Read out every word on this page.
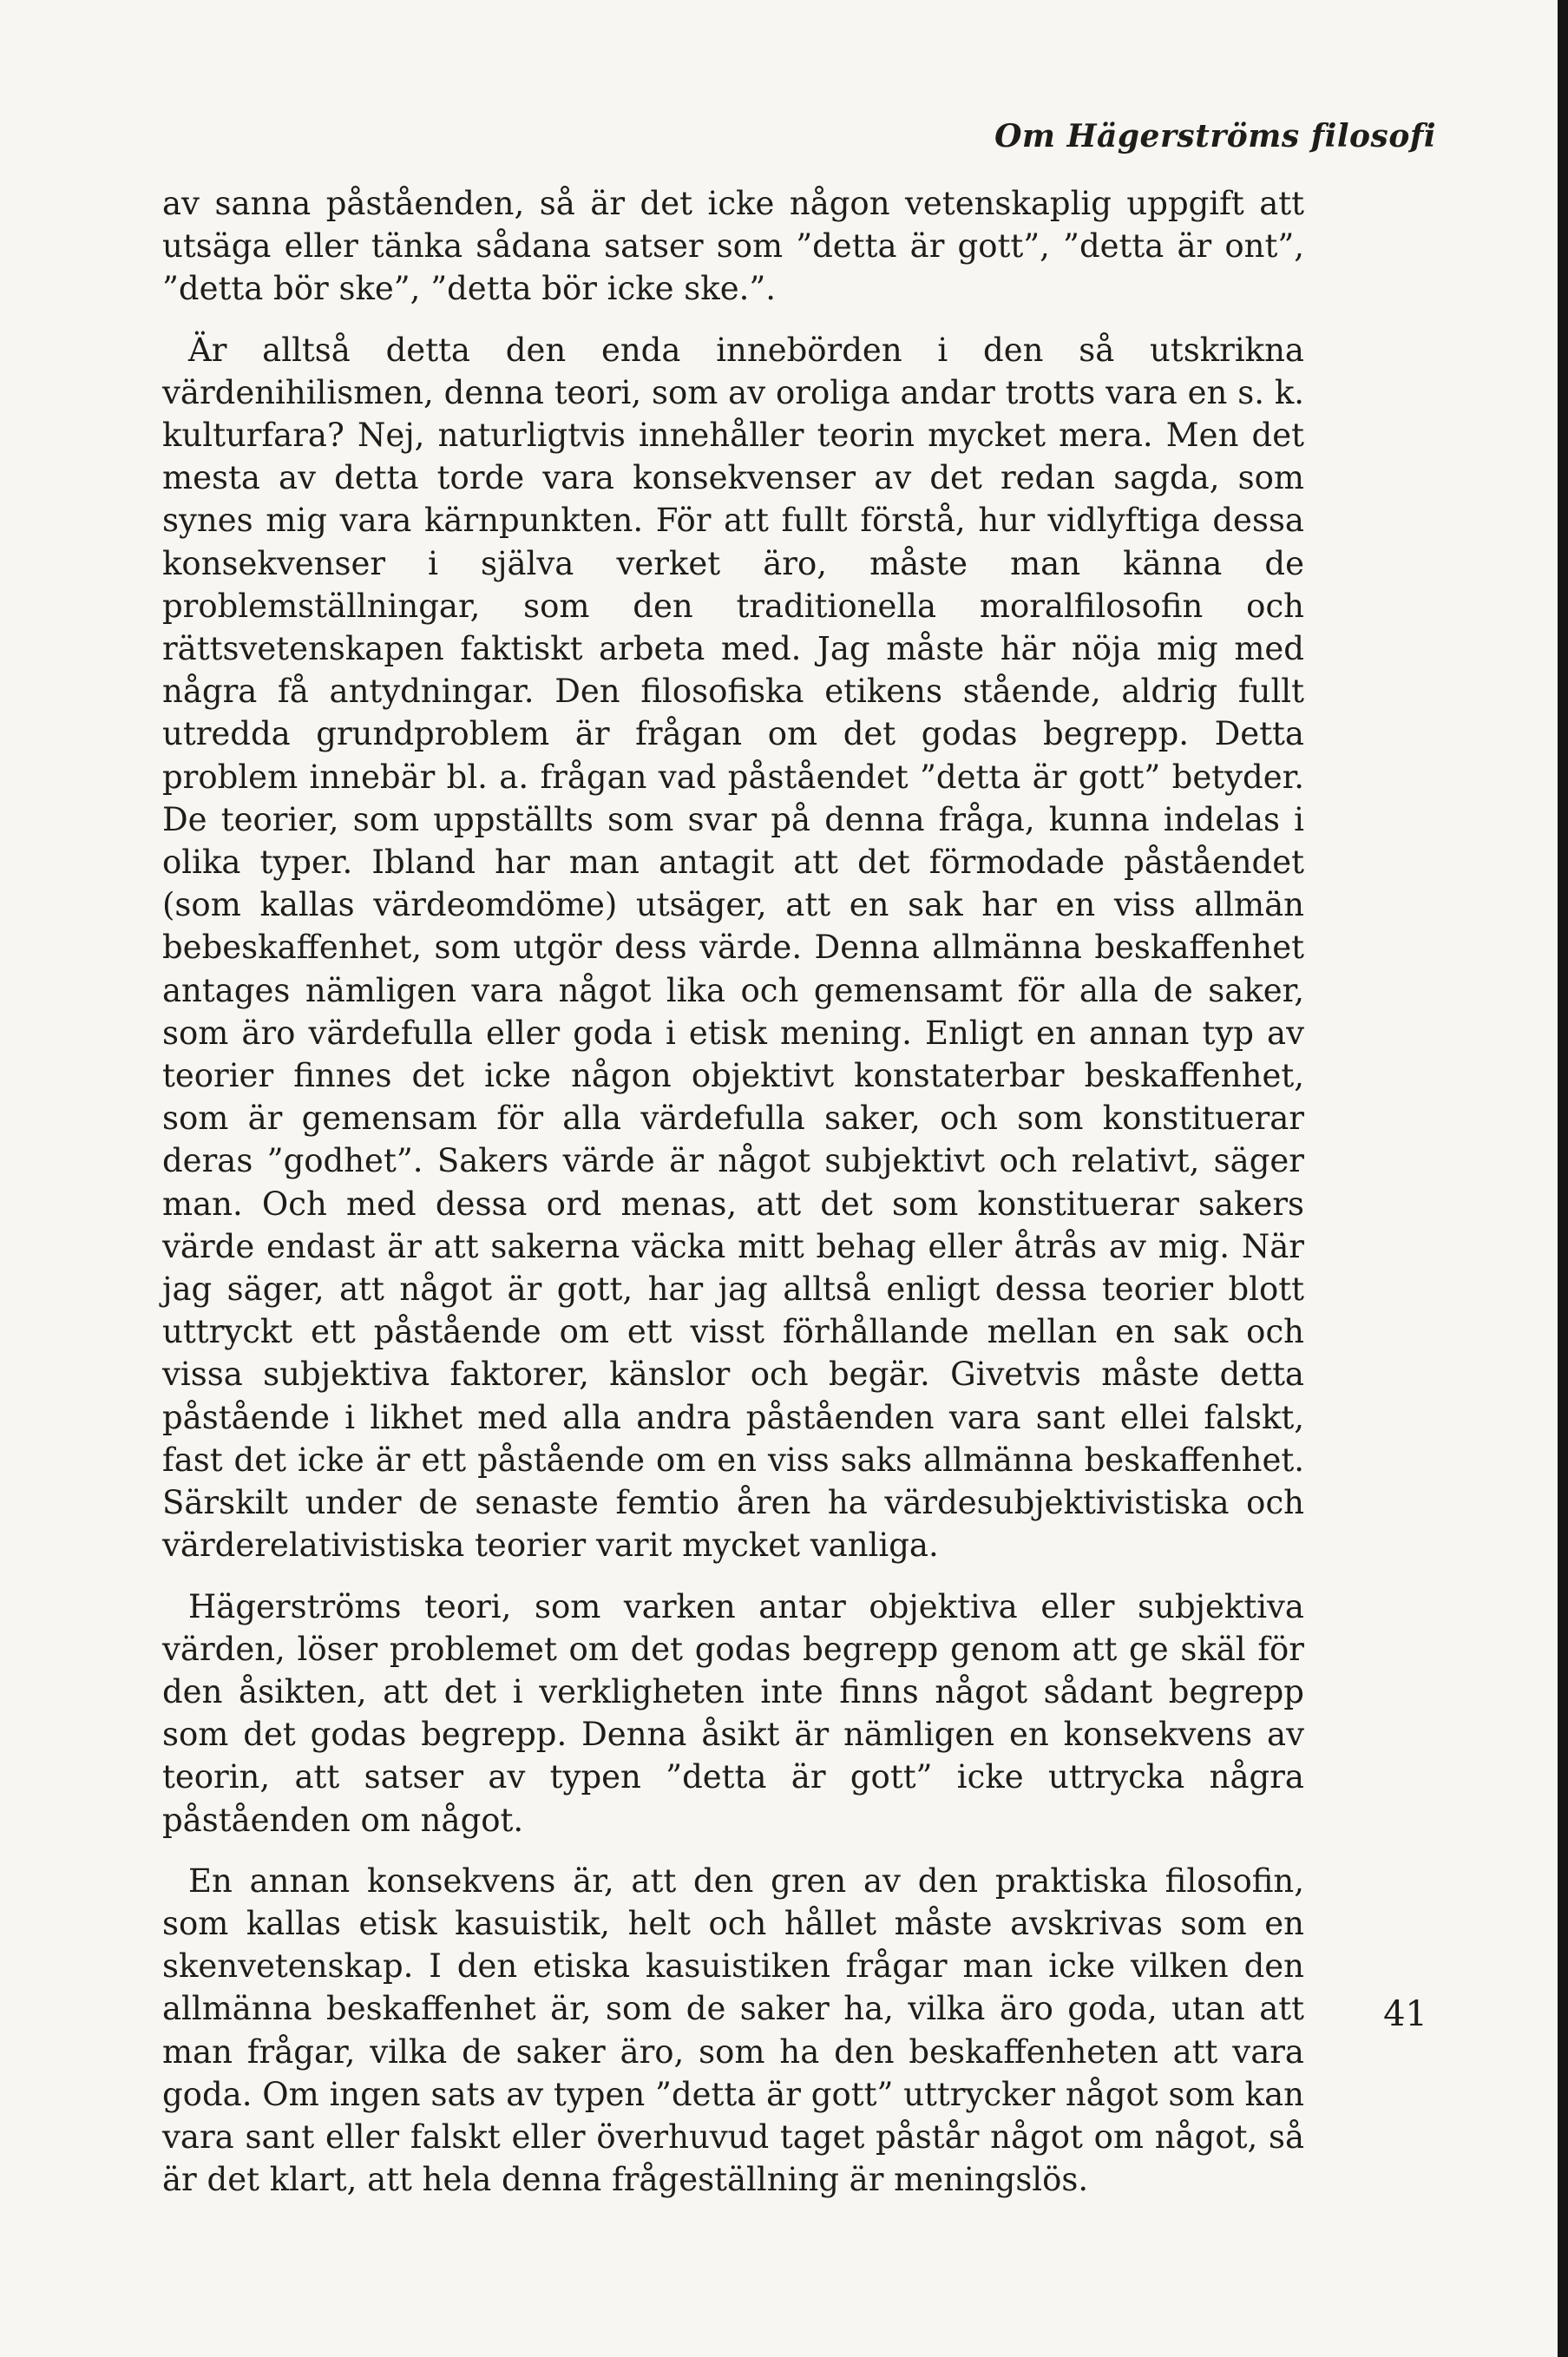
Om Hägerströms filosofi

av sanna påståenden, så är det icke någon vetenskaplig uppgift att utsäga eller tänka sådana satser som ”detta är gott”, ”detta är ont”, ”detta bör ske”, ”detta bör icke ske.”.

Är alltså detta den enda innebörden i den så utskrikna värdenihilismen, denna teori, som av oroliga andar trotts vara en s. k. kulturfara? Nej, naturligtvis innehåller teorin mycket mera. Men det mesta av detta torde vara konsekvenser av det redan sagda, som synes mig vara kärnpunkten. För att fullt förstå, hur vidlyftiga dessa konsekvenser i själva verket äro, måste man känna de problemställningar, som den traditionella moralfilosofin och rättsvetenskapen faktiskt arbeta med. Jag måste här nöja mig med några få antydningar. Den filosofiska etikens stående, aldrig fullt utredda grundproblem är frågan om det godas begrepp. Detta problem innebär bl. a. frågan vad påståendet ”detta är gott” betyder. De teorier, som uppställts som svar på denna fråga, kunna indelas i olika typer. Ibland har man antagit att det förmodade påståendet (som kallas värdeomdöme) utsäger, att en sak har en viss allmän bebeskaffenhet, som utgör dess värde. Denna allmänna beskaffenhet antages nämligen vara något lika och gemensamt för alla de saker, som äro värdefulla eller goda i etisk mening. Enligt en annan typ av teorier finnes det icke någon objektivt konstaterbar beskaffenhet, som är gemensam för alla värdefulla saker, och som konstituerar deras ”godhet”. Sakers värde är något subjektivt och relativt, säger man. Och med dessa ord menas, att det som konstituerar sakers värde endast är att sakerna väcka mitt behag eller åtrås av mig. När jag säger, att något är gott, har jag alltså enligt dessa teorier blott uttryckt ett påstående om ett visst förhållande mellan en sak och vissa subjektiva faktorer, känslor och begär. Givetvis måste detta påstående i likhet med alla andra påståenden vara sant ellei falskt, fast det icke är ett påstående om en viss saks allmänna beskaffenhet. Särskilt under de senaste femtio åren ha värdesubjektivistiska och värderelativistiska teorier varit mycket vanliga.

Hägerströms teori, som varken antar objektiva eller subjektiva värden, löser problemet om det godas begrepp genom att ge skäl för den åsikten, att det i verkligheten inte finns något sådant begrepp som det godas begrepp. Denna åsikt är nämligen en konsekvens av teorin, att satser av typen ”detta är gott” icke uttrycka några påståenden om något.

En annan konsekvens är, att den gren av den praktiska filosofin, som kallas etisk kasuistik, helt och hållet måste avskrivas som en skenvetenskap. I den etiska kasuistiken frågar man icke vilken den allmänna beskaffenhet är, som de saker ha, vilka äro goda, utan att man frågar, vilka de saker äro, som ha den beskaffenheten att vara goda. Om ingen sats av typen ”detta är gott” uttrycker något som kan vara sant eller falskt eller överhuvud taget påstår något om något, så är det klart, att hela denna frågeställning är meningslös.

41
